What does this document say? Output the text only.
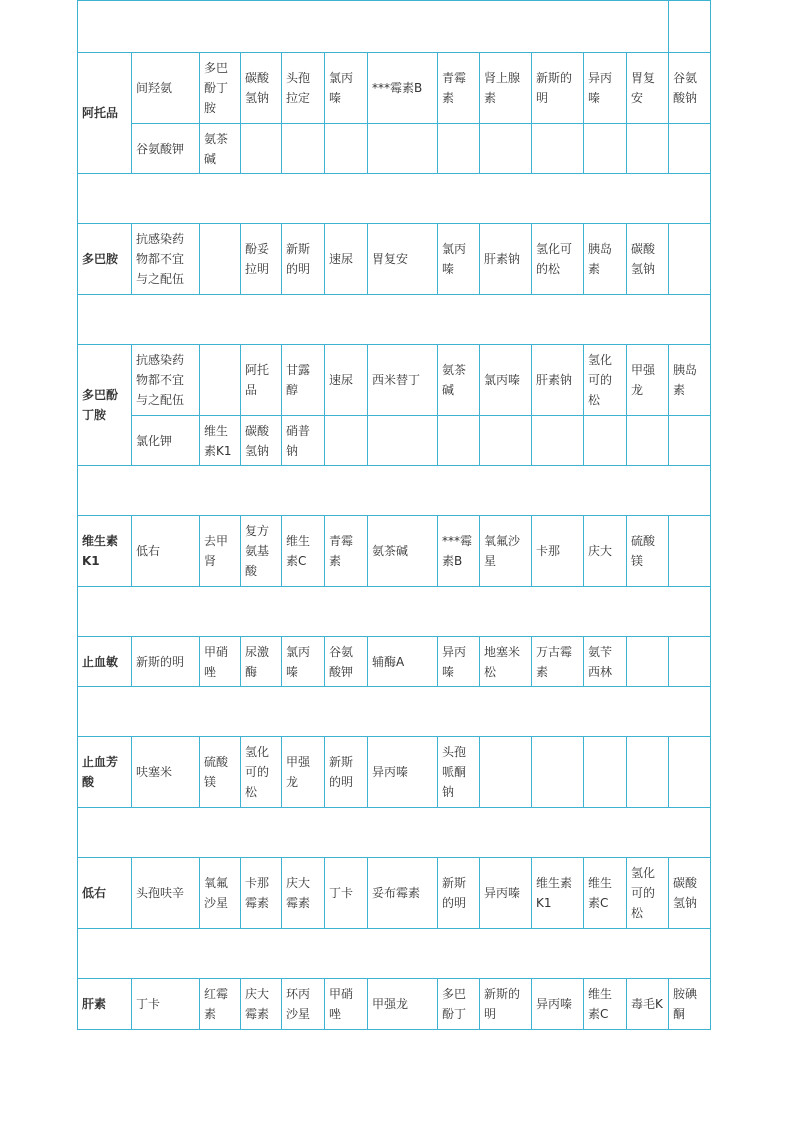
阿托品	间羟氨	多巴酚丁胺	碳酸氢钠	头孢拉定	氯丙嗪	***霉素B	青霉素	肾上腺素	新斯的明	异丙嗪	胃复安	谷氨酸钠
	谷氨酸钾	氨茶碱										

多巴胺	抗感染药物都不宜与之配伍		酚妥拉明	新斯的明	速尿	胃复安	氯丙嗪	肝素钠	氢化可的松	胰岛素	碳酸氢钠	

多巴酚丁胺	抗感染药物都不宜与之配伍		阿托品	甘露醇	速尿	西米替丁	氨茶碱	氯丙嗪	肝素钠	氢化可的松	甲强龙	胰岛素
	氯化钾	维生素K1	碳酸氢钠	硝普钠								

维生素K1	低右	去甲肾	复方氨基酸	维生素C	青霉素	氨茶碱	***霉素B	氧氟沙星	卡那	庆大	硫酸镁	

止血敏	新斯的明	甲硝唑	尿激酶	氯丙嗪	谷氨酸钾	辅酶A	异丙嗪	地塞米松	万古霉素	氨苄西林		

止血芳酸	呋塞米	硫酸镁	氢化可的松	甲强龙	新斯的明	异丙嗪	头孢哌酮钠					

低右	头孢呋辛	氧氟沙星	卡那霉素	庆大霉素	丁卡	妥布霉素	新斯的明	异丙嗪	维生素K1	维生素C	氢化可的松	碳酸氢钠

肝素	丁卡	红霉素	庆大霉素	环丙沙星	甲硝唑	甲强龙	多巴酚丁	新斯的明	异丙嗪	维生素C	毒毛K	胺碘酮
